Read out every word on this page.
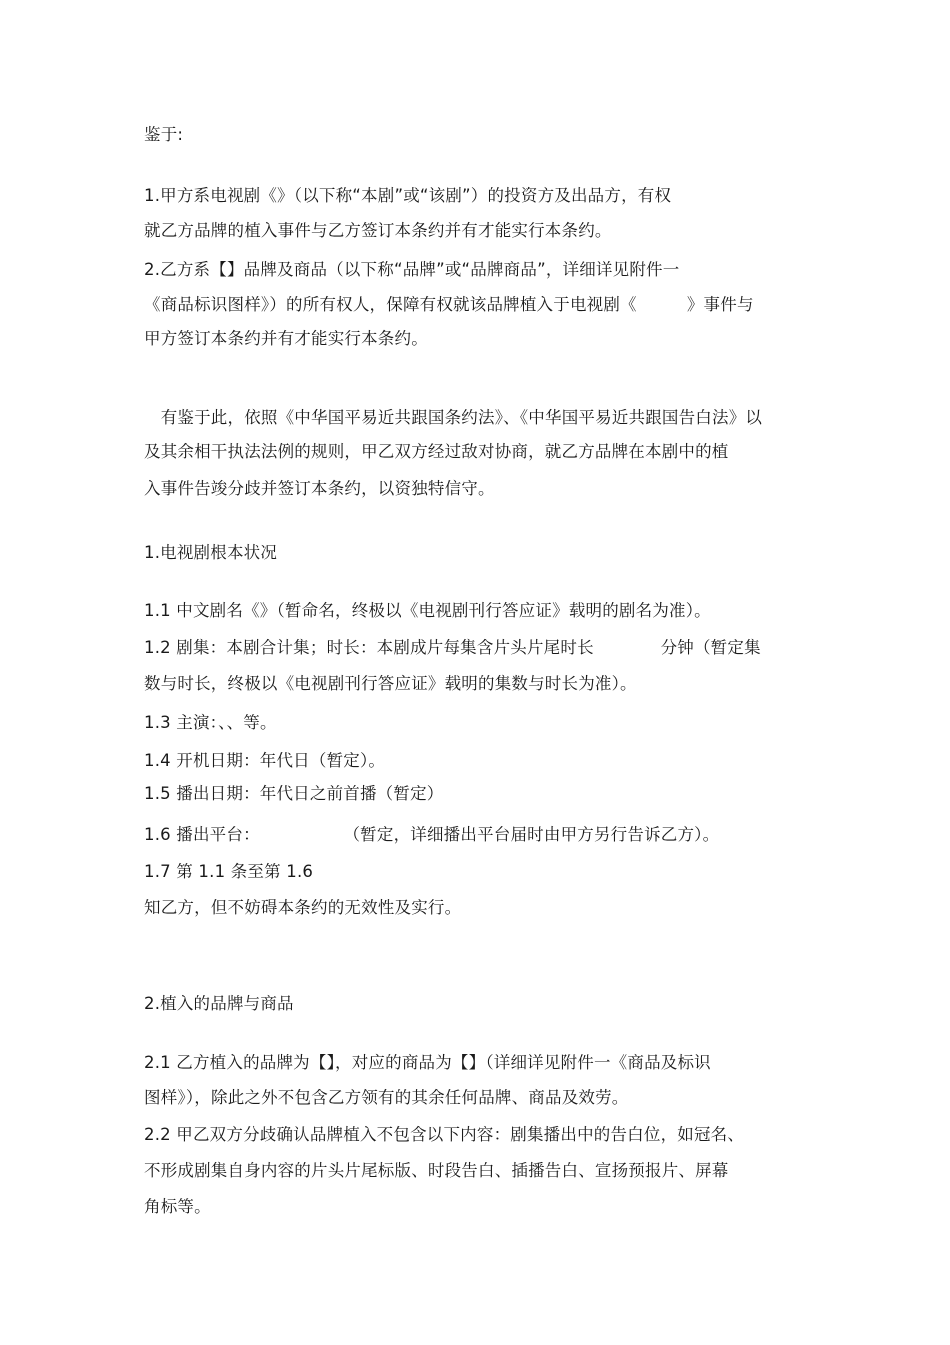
鉴于:
1.甲方系电视剧《》（以下称“本剧”或“该剧”）的投资方及出品方，有权
就乙方品牌的植入事件与乙方签订本条约并有才能实行本条约。
2.乙方系【】品牌及商品（以下称“品牌”或“品牌商品”，详细详见附件一
《商品标识图样》）的所有权人，保障有权就该品牌植入于电视剧《　　　》事件与
甲方签订本条约并有才能实行本条约。
　有鉴于此，依照《中华国平易近共跟国条约法》、《中华国平易近共跟国告白法》以
及其余相干执法法例的规则，甲乙双方经过敌对协商，就乙方品牌在本剧中的植
入事件告竣分歧并签订本条约，以资独特信守。
1.电视剧根本状况
1.1 中文剧名《》（暂命名，终极以《电视剧刊行答应证》载明的剧名为准）。
1.2 剧集：本剧合计集；时长：本剧成片每集含片头片尾时长　　　　分钟（暂定集
数与时长，终极以《电视剧刊行答应证》载明的集数与时长为准）。
1.3 主演：、、等。
1.4 开机日期：年代日（暂定）。
1.5 播出日期：年代日之前首播（暂定）
1.6 播出平台：　　　　　　（暂定，详细播出平台届时由甲方另行告诉乙方）。
1.7 第 1.1 条至第 1.6
知乙方，但不妨碍本条约的无效性及实行。
2.植入的品牌与商品
2.1 乙方植入的品牌为【】，对应的商品为【】（详细详见附件一《商品及标识
图样》），除此之外不包含乙方领有的其余任何品牌、商品及效劳。
2.2 甲乙双方分歧确认品牌植入不包含以下内容：剧集播出中的告白位，如冠名、
不形成剧集自身内容的片头片尾标版、时段告白、插播告白、宣扬预报片、屏幕
角标等。
